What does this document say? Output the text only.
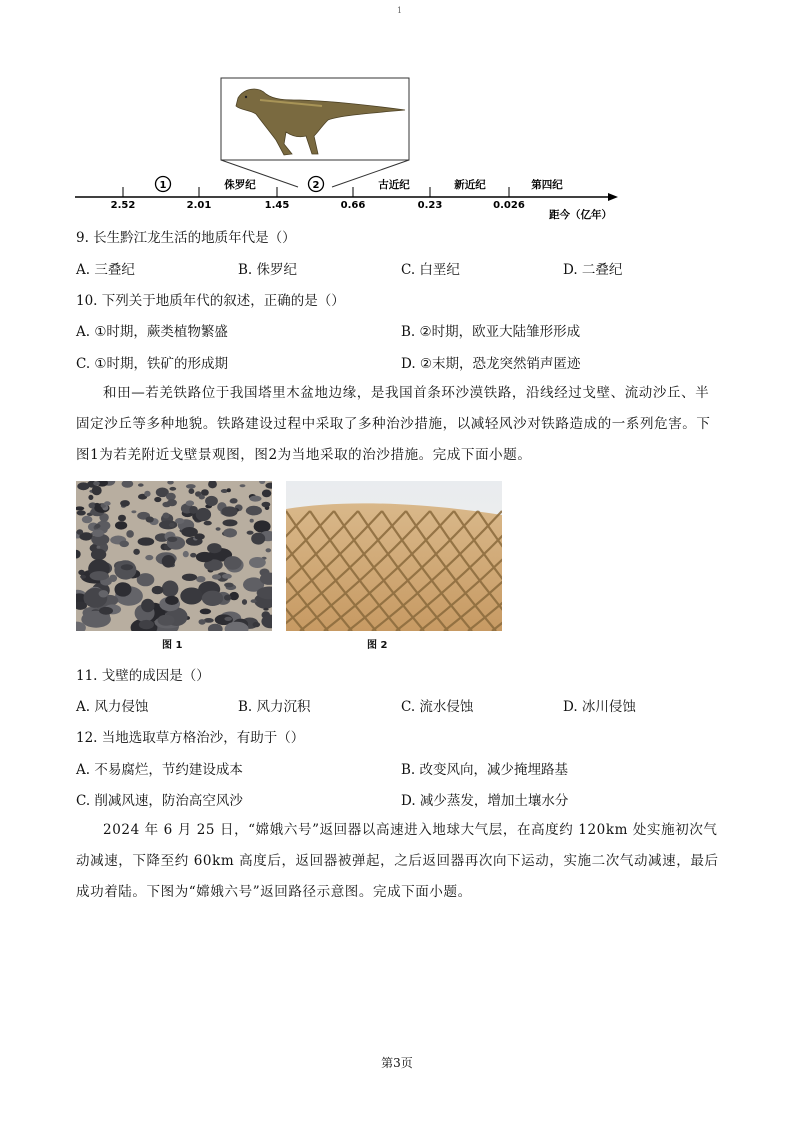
1
1	侏罗纪	2	古近纪	新近纪	第四纪
2.52	2.01	1.45	0.66	0.23	0.026
距今（亿年）
9. 长生黔江龙生活的地质年代是（）
A. 三叠纪	B. 侏罗纪	C. 白垩纪	D. 二叠纪
10. 下列关于地质年代的叙述，正确的是（）
A. ①时期，蕨类植物繁盛	B. ②时期，欧亚大陆雏形形成
C. ①时期，铁矿的形成期	D. ②末期，恐龙突然销声匿迹
和田—若羌铁路位于我国塔里木盆地边缘，是我国首条环沙漠铁路，沿线经过戈壁、流动沙丘、半固定沙丘等多种地貌。铁路建设过程中采取了多种治沙措施，以减轻风沙对铁路造成的一系列危害。下图1为若羌附近戈壁景观图，图2为当地采取的治沙措施。完成下面小题。
图 1	图 2
11. 戈壁的成因是（）
A. 风力侵蚀	B. 风力沉积	C. 流水侵蚀	D. 冰川侵蚀
12. 当地选取草方格治沙，有助于（）
A. 不易腐烂，节约建设成本	B. 改变风向，减少掩埋路基
C. 削减风速，防治高空风沙	D. 减少蒸发，增加土壤水分
2024 年 6 月 25 日，“嫦娥六号”返回器以高速进入地球大气层，在高度约 120km 处实施初次气动减速，下降至约 60km 高度后，返回器被弹起，之后返回器再次向下运动，实施二次气动减速，最后成功着陆。下图为“嫦娥六号”返回路径示意图。完成下面小题。
第3页
